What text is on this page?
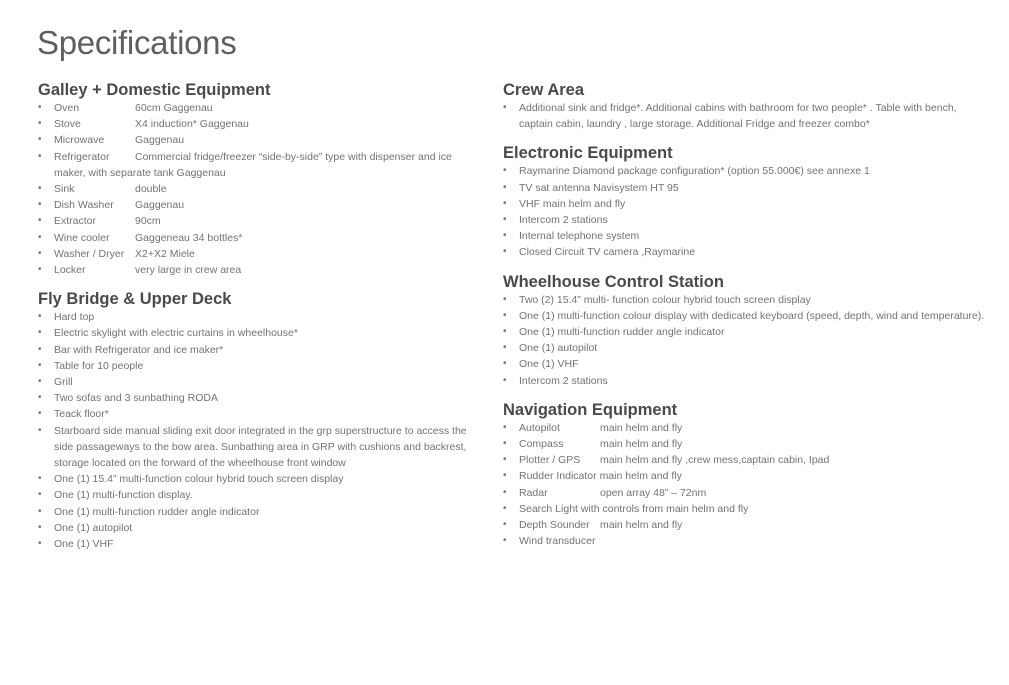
Specifications
Galley + Domestic Equipment
• Oven	60cm Gaggenau
• Stove	X4 induction* Gaggenau
• Microwave	Gaggenau
• Refrigerator Commercial fridge/freezer “side-by-side” type with dispenser and ice maker, with separate tank Gaggenau
• Sink	double
• Dish Washer Gaggenau
• Extractor	90cm
• Wine cooler Gaggeneau 34 bottles*
• Washer / Dryer X2+X2 Miele
• Locker	very large in crew area
Fly Bridge & Upper Deck
• Hard top
• Electric skylight with electric curtains in wheelhouse*
• Bar with Refrigerator and ice maker*
• Table for 10 people
• Grill
• Two sofas and 3 sunbathing RODA
• Teack floor*
• Starboard side manual sliding exit door integrated in the grp superstructure to access the side passageways to the bow area. Sunbathing area in GRP with cushions and backrest, storage located on the forward of the wheelhouse front window
• One (1) 15.4” multi-function colour hybrid touch screen display
• One (1) multi-function display.
• One (1) multi-function rudder angle indicator
• One (1) autopilot
• One (1) VHF
Crew Area
• Additional sink and fridge*. Additional cabins with bathroom for two people* . Table with bench, captain cabin, laundry , large storage. Additional Fridge and freezer combo*
Electronic Equipment
• Raymarine Diamond package configuration* (option 55.000€) see annexe 1
• TV sat antenna Navisystem HT 95
• VHF main helm and fly
• Intercom 2 stations
• Internal telephone system
• Closed Circuit TV camera ,Raymarine
Wheelhouse Control Station
• Two (2) 15.4” multi- function colour hybrid touch screen display
• One (1) multi-function colour display with dedicated keyboard (speed, depth, wind and temperature).
• One (1) multi-function rudder angle indicator
• One (1) autopilot
• One (1) VHF
• Intercom 2 stations
Navigation Equipment
• Autopilot	main helm and fly
• Compass	main helm and fly
• Plotter / GPS main helm and fly ,crew mess,captain cabin, Ipad
• Rudder Indicator main helm and fly
• Radar	open array 48” – 72nm
• Search Light with controls from main helm and fly
• Depth Sounder main helm and fly
• Wind transducer
